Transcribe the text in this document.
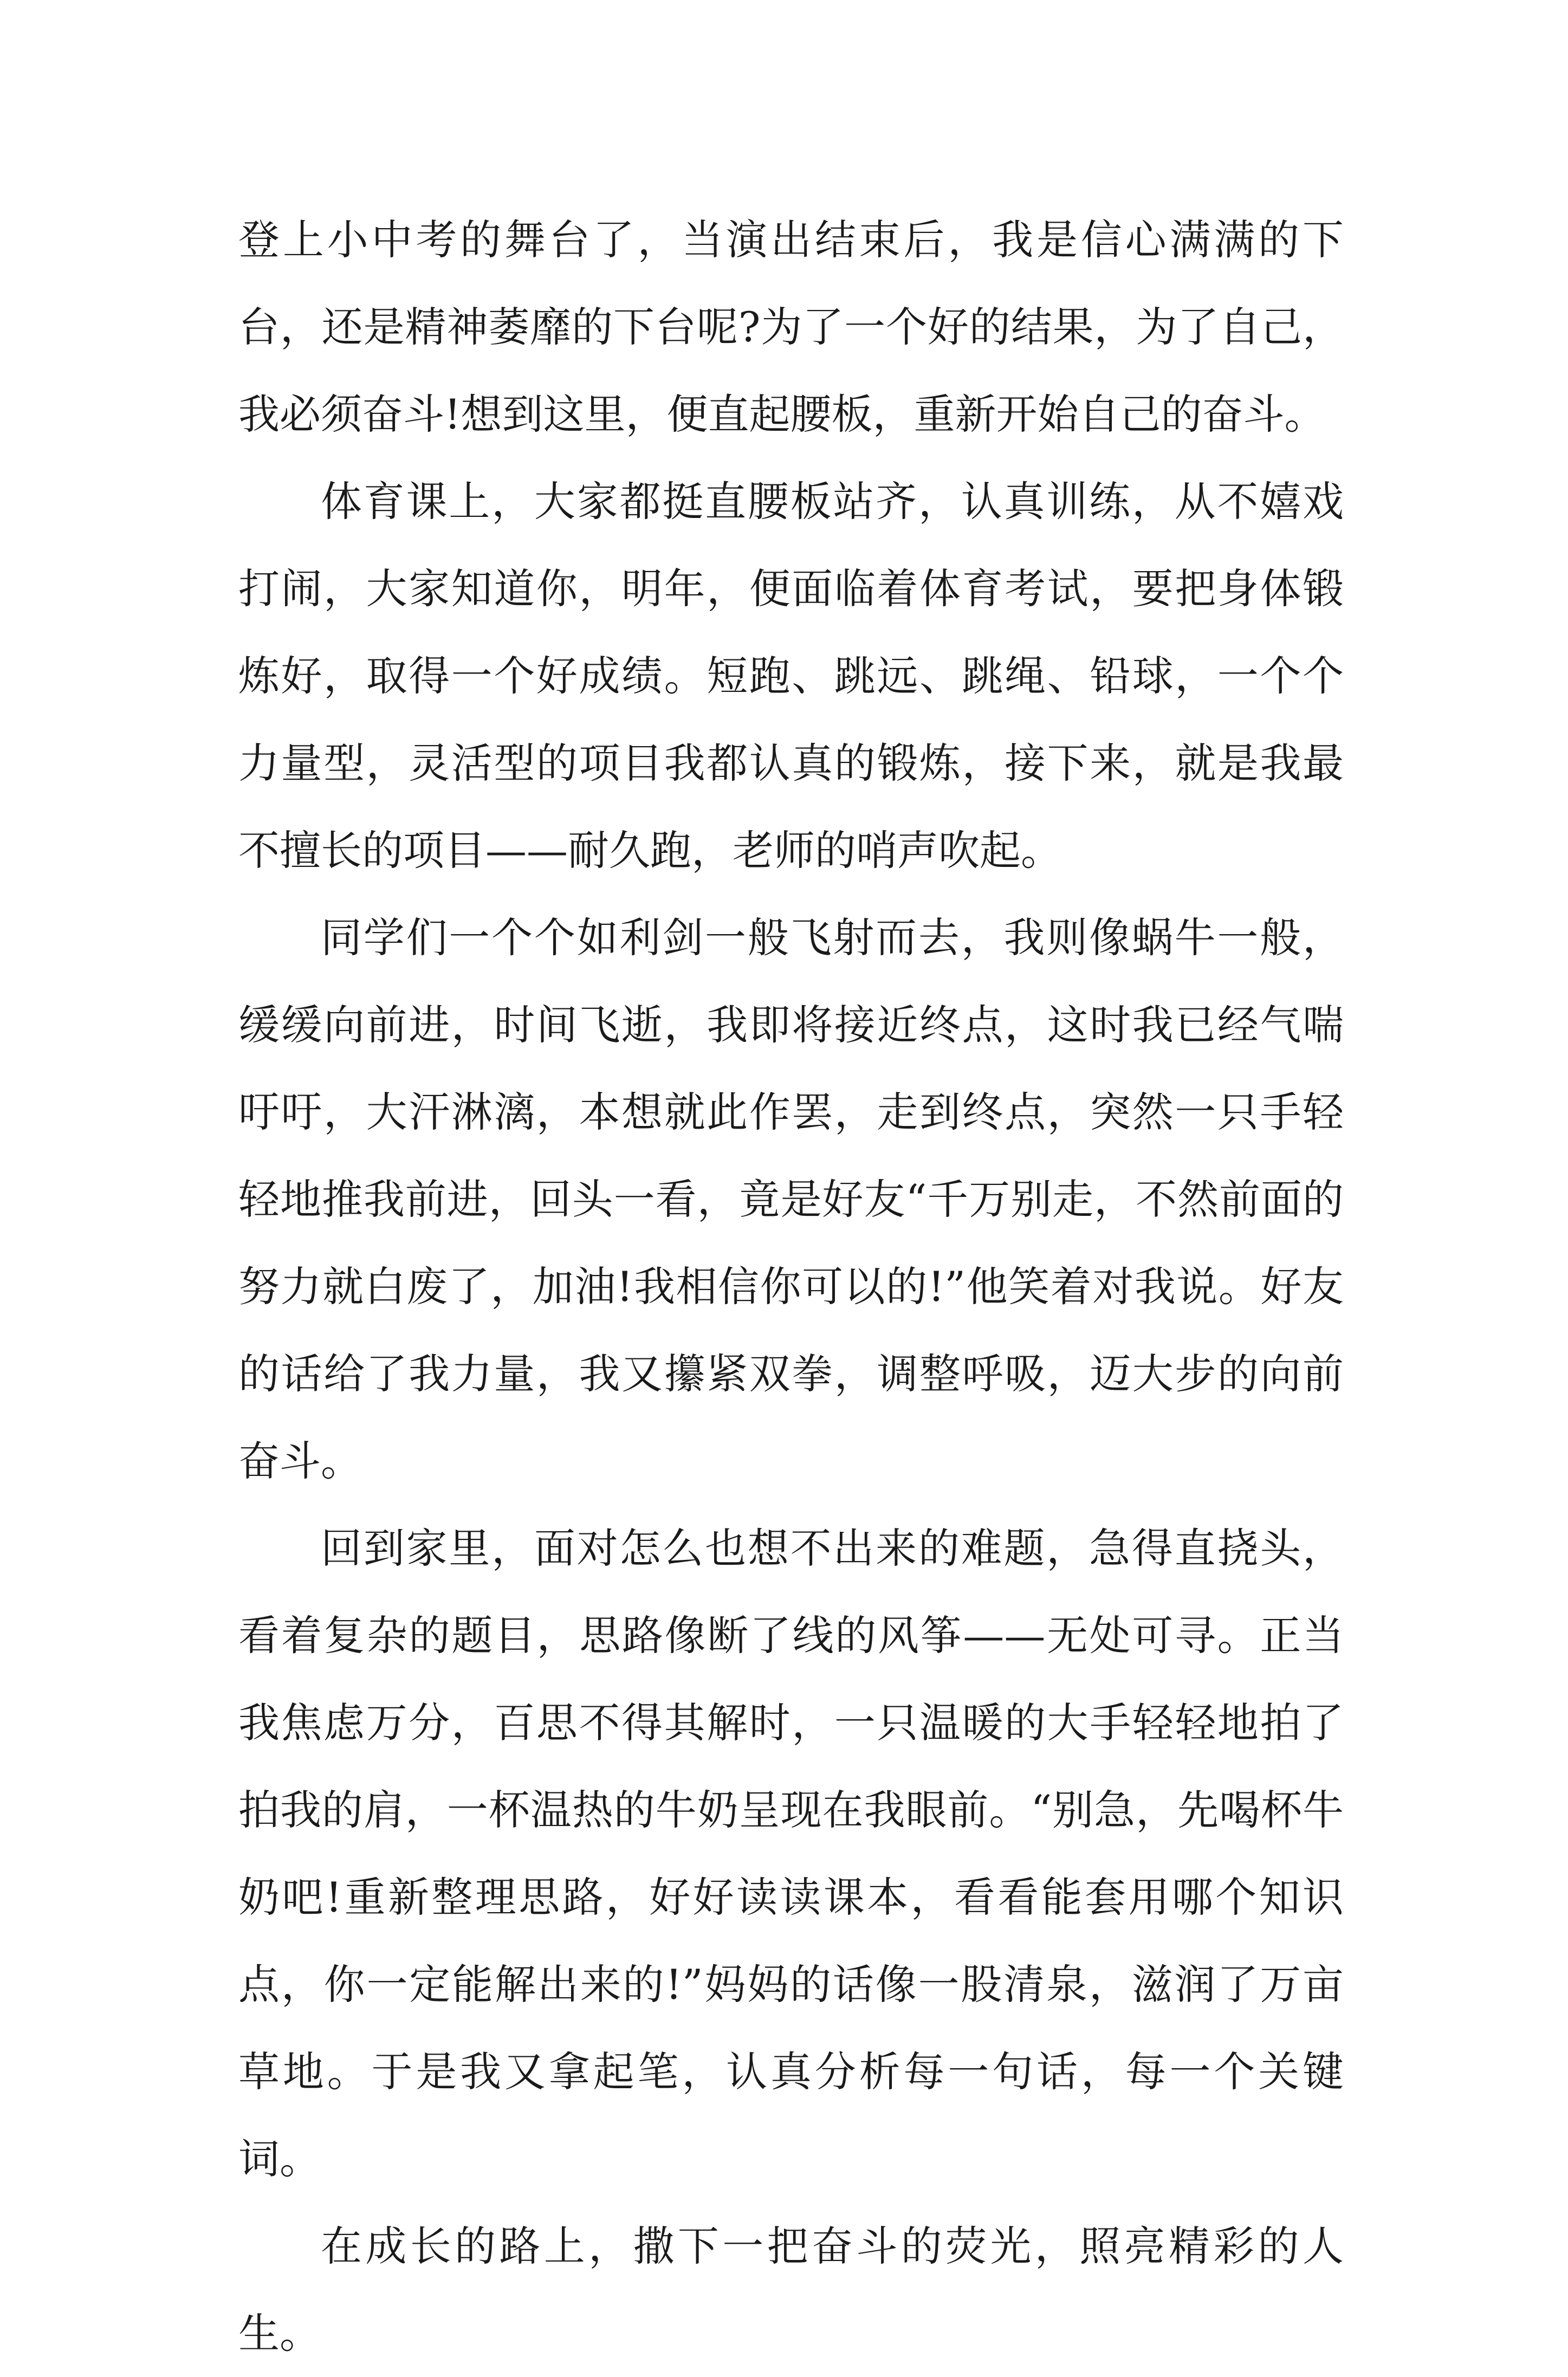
登上小中考的舞台了，当演出结束后，我是信心满满的下台，还是精神萎靡的下台呢?为了一个好的结果，为了自己，我必须奋斗!想到这里，便直起腰板，重新开始自己的奋斗。

体育课上，大家都挺直腰板站齐，认真训练，从不嬉戏打闹，大家知道你，明年，便面临着体育考试，要把身体锻炼好，取得一个好成绩。短跑、跳远、跳绳、铅球，一个个力量型，灵活型的项目我都认真的锻炼，接下来，就是我最不擅长的项目——耐久跑，老师的哨声吹起。

同学们一个个如利剑一般飞射而去，我则像蜗牛一般，缓缓向前进，时间飞逝，我即将接近终点，这时我已经气喘吁吁，大汗淋漓，本想就此作罢，走到终点，突然一只手轻轻地推我前进，回头一看，竟是好友“千万别走，不然前面的努力就白废了，加油!我相信你可以的!”他笑着对我说。好友的话给了我力量，我又攥紧双拳，调整呼吸，迈大步的向前奋斗。

回到家里，面对怎么也想不出来的难题，急得直挠头，看着复杂的题目，思路像断了线的风筝——无处可寻。正当我焦虑万分，百思不得其解时，一只温暖的大手轻轻地拍了拍我的肩，一杯温热的牛奶呈现在我眼前。“别急，先喝杯牛奶吧!重新整理思路，好好读读课本，看看能套用哪个知识点，你一定能解出来的!”妈妈的话像一股清泉，滋润了万亩草地。于是我又拿起笔，认真分析每一句话，每一个关键词。

在成长的路上，撒下一把奋斗的荧光，照亮精彩的人生。
